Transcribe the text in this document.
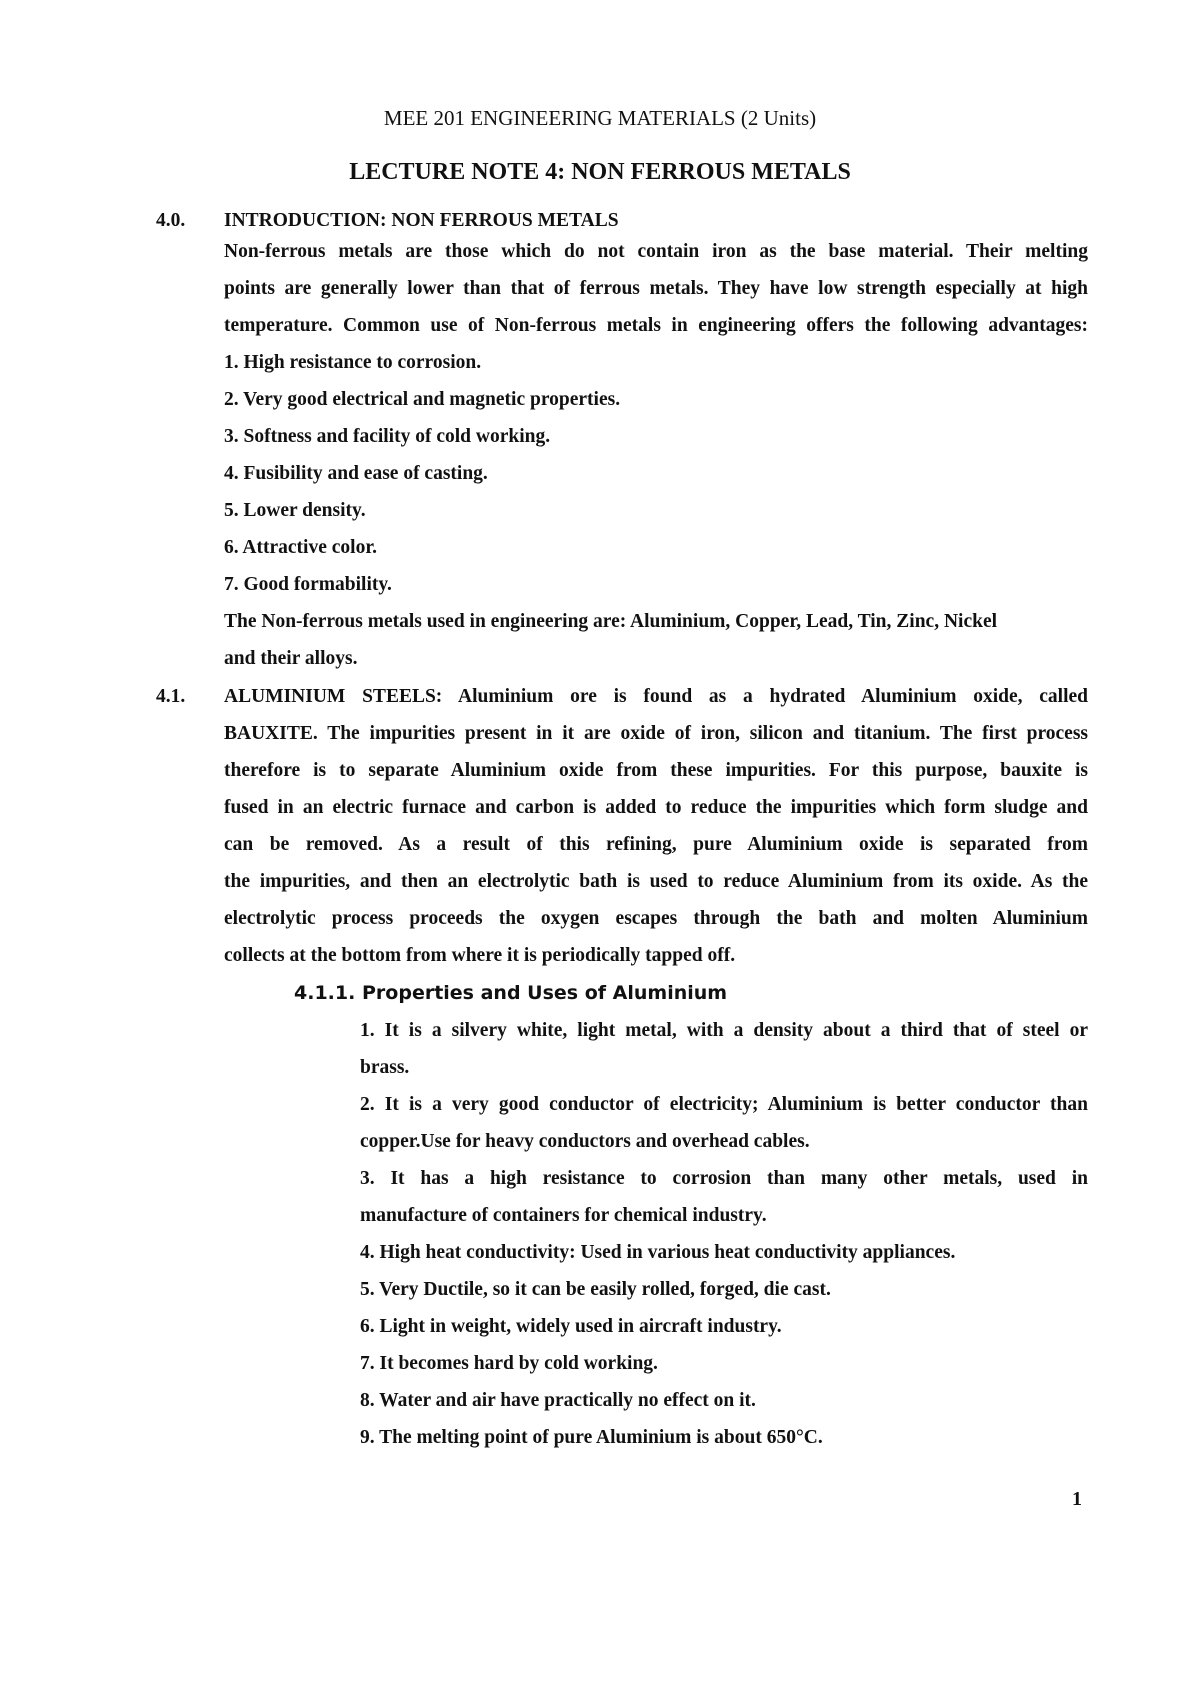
MEE 201 ENGINEERING MATERIALS (2 Units)
LECTURE NOTE 4: NON FERROUS METALS
4.0. INTRODUCTION: NON FERROUS METALS
Non-ferrous metals are those which do not contain iron as the base material. Their melting
points are generally lower than that of ferrous metals. They have low strength especially at high
temperature. Common use of Non-ferrous metals in engineering offers the following advantages:
1. High resistance to corrosion.
2. Very good electrical and magnetic properties.
3. Softness and facility of cold working.
4. Fusibility and ease of casting.
5. Lower density.
6. Attractive color.
7. Good formability.
The Non-ferrous metals used in engineering are: Aluminium, Copper, Lead, Tin, Zinc, Nickel
and their alloys.
4.1. ALUMINIUM STEELS: Aluminium ore is found as a hydrated Aluminium oxide, called
BAUXITE. The impurities present in it are oxide of iron, silicon and titanium. The first process
therefore is to separate Aluminium oxide from these impurities. For this purpose, bauxite is
fused in an electric furnace and carbon is added to reduce the impurities which form sludge and
can be removed. As a result of this refining, pure Aluminium oxide is separated from
the impurities, and then an electrolytic bath is used to reduce Aluminium from its oxide. As the
electrolytic process proceeds the oxygen escapes through the bath and molten Aluminium
collects at the bottom from where it is periodically tapped off.
4.1.1. Properties and Uses of Aluminium
1. It is a silvery white, light metal, with a density about a third that of steel or
brass.
2. It is a very good conductor of electricity; Aluminium is better conductor than
copper.Use for heavy conductors and overhead cables.
3. It has a high resistance to corrosion than many other metals, used in
manufacture of containers for chemical industry.
4. High heat conductivity: Used in various heat conductivity appliances.
5. Very Ductile, so it can be easily rolled, forged, die cast.
6. Light in weight, widely used in aircraft industry.
7. It becomes hard by cold working.
8. Water and air have practically no effect on it.
9. The melting point of pure Aluminium is about 650°C.
1
